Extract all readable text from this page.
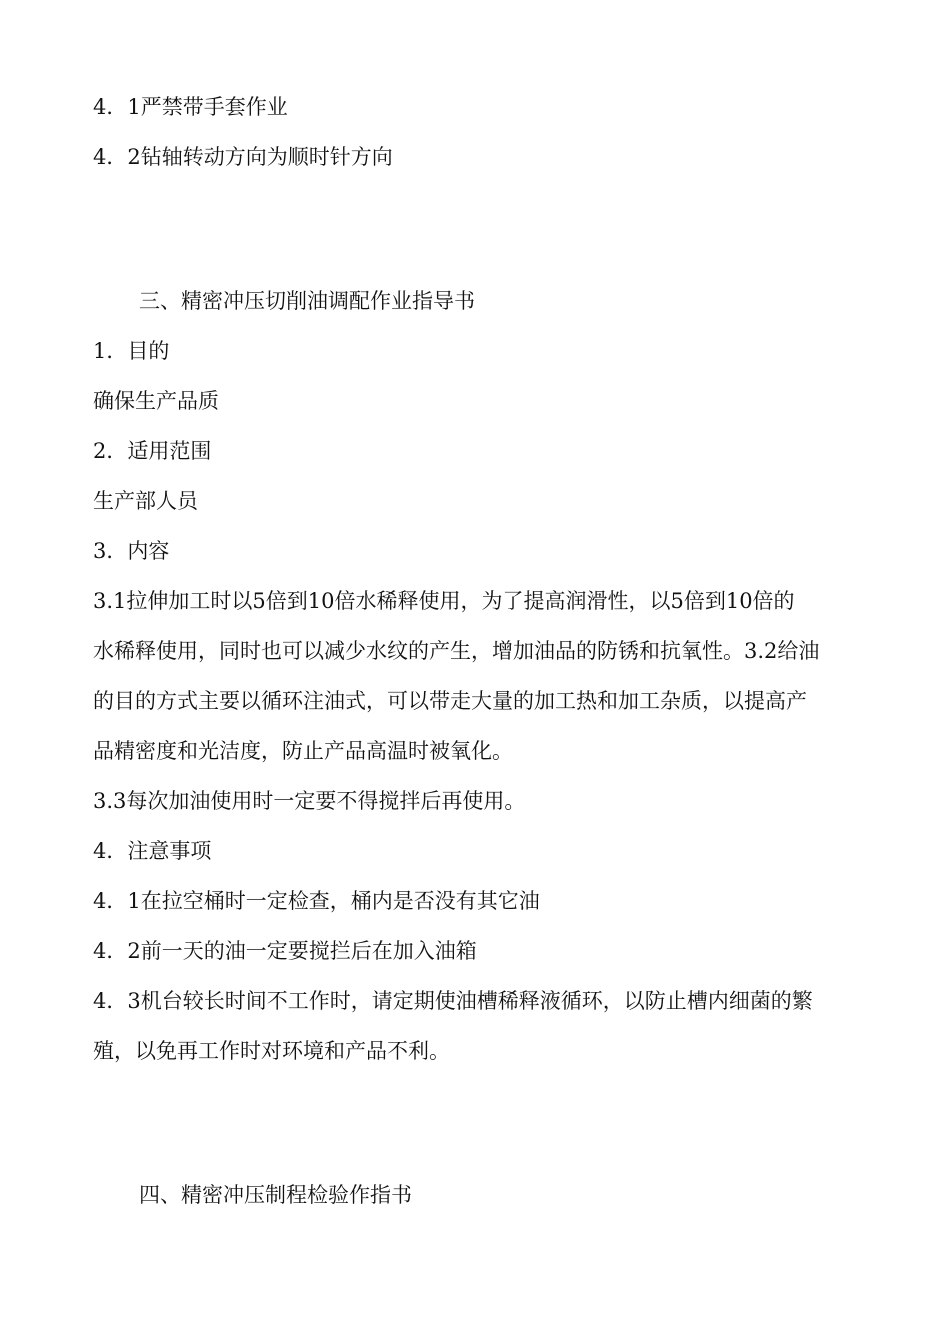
4．1严禁带手套作业
4．2钻轴转动方向为顺时针方向
三、精密冲压切削油调配作业指导书
1．目的
确保生产品质
2．适用范围
生产部人员
3．内容
3.1拉伸加工时以5倍到10倍水稀释使用，为了提高润滑性，以5倍到10倍的
水稀释使用，同时也可以减少水纹的产生，增加油品的防锈和抗氧性。3.2给油
的目的方式主要以循环注油式，可以带走大量的加工热和加工杂质，以提高产
品精密度和光洁度，防止产品高温时被氧化。
3.3每次加油使用时一定要不得搅拌后再使用。
4．注意事项
4．1在拉空桶时一定检查，桶内是否没有其它油
4．2前一天的油一定要搅拦后在加入油箱
4．3机台较长时间不工作时，请定期使油槽稀释液循环，以防止槽内细菌的繁
殖，以免再工作时对环境和产品不利。
四、精密冲压制程检验作指书
